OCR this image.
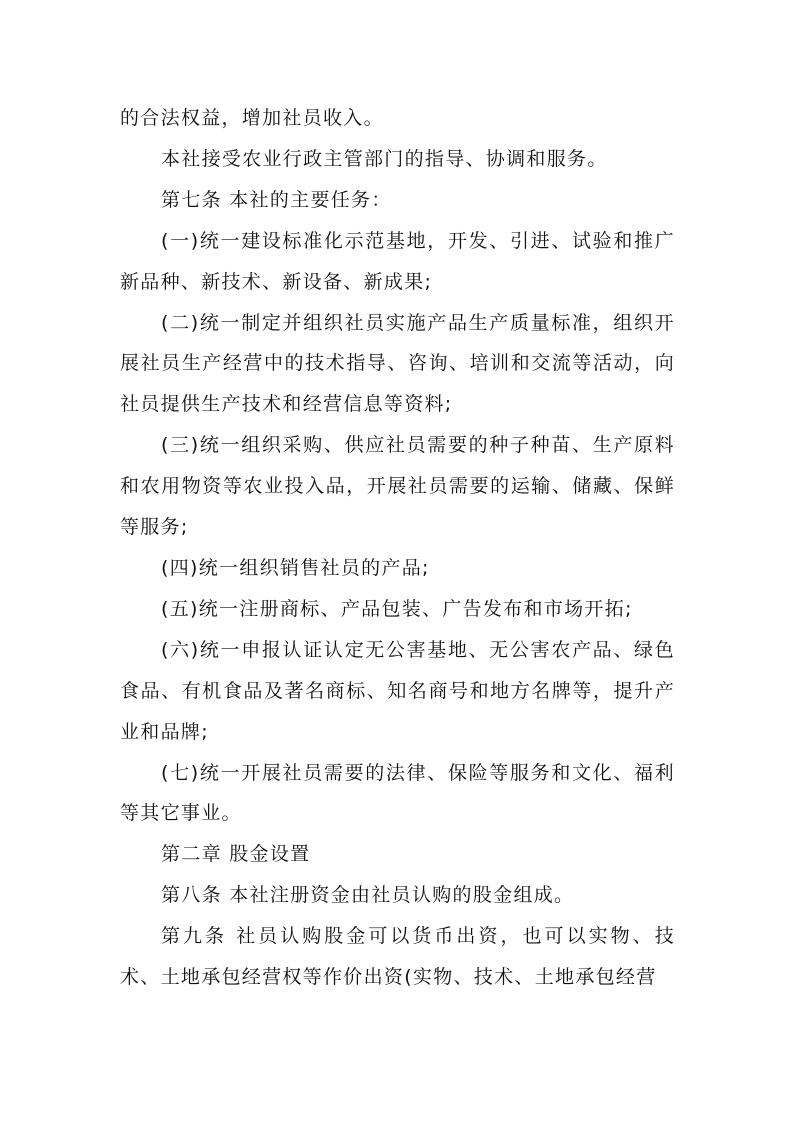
的合法权益，增加社员收入。

本社接受农业行政主管部门的指导、协调和服务。

第七条 本社的主要任务：

(一)统一建设标准化示范基地，开发、引进、试验和推广新品种、新技术、新设备、新成果;

(二)统一制定并组织社员实施产品生产质量标准，组织开展社员生产经营中的技术指导、咨询、培训和交流等活动，向社员提供生产技术和经营信息等资料;

(三)统一组织采购、供应社员需要的种子种苗、生产原料和农用物资等农业投入品，开展社员需要的运输、储藏、保鲜等服务;

(四)统一组织销售社员的产品;

(五)统一注册商标、产品包装、广告发布和市场开拓;

(六)统一申报认证认定无公害基地、无公害农产品、绿色食品、有机食品及著名商标、知名商号和地方名牌等，提升产业和品牌;

(七)统一开展社员需要的法律、保险等服务和文化、福利等其它事业。

第二章 股金设置

第八条 本社注册资金由社员认购的股金组成。

第九条 社员认购股金可以货币出资，也可以实物、技术、土地承包经营权等作价出资(实物、技术、土地承包经营
